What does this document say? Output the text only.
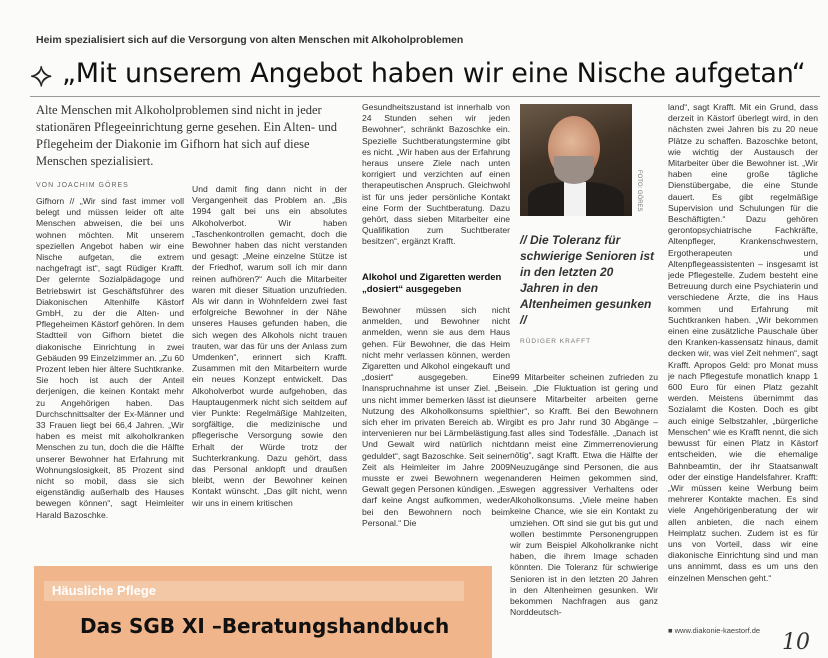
Heim spezialisiert sich auf die Versorgung von alten Menschen mit Alkoholproblemen
⟡ „Mit unserem Angebot haben wir eine Nische aufgetan“
Alte Menschen mit Alkoholproblemen sind nicht in jeder stationären Pflegeeinrichtung gerne gesehen. Ein Alten- und Pflegeheim der Diakonie im Gifhorn hat sich auf diese Menschen spezialisiert.
VON JOACHIM GÖRES
Gifhorn // „Wir sind fast immer voll belegt und müssen leider oft alte Menschen abweisen, die bei uns wohnen möchten. Mit unserem speziellen Angebot haben wir eine Nische aufgetan, die extrem nachgefragt ist“, sagt Rüdiger Krafft. Der gelernte Sozialpädagoge und Betriebswirt ist Geschäftsführer des Diakonischen Altenhilfe Kästorf GmbH, zu der die Alten- und Pflegeheimen Kästorf gehören. In dem Stadtteil von Gifhorn bietet die diakonische Einrichtung in zwei Gebäuden 99 Einzelzimmer an. „Zu 60 Prozent leben hier ältere Suchtkranke. Sie hoch ist auch der Anteil derjenigen, die keinen Kontakt mehr zu Angehörigen haben. Das Durchschnittsalter der Ex-Männer und 33 Frauen liegt bei 66,4 Jahren. „Wir haben es meist mit alkoholkranken Menschen zu tun, doch die die Hälfte unserer Bewohner hat Erfahrung mit Wohnungslosigkeit, 85 Prozent sind nicht so mobil, dass sie sich eigenständig außerhalb des Hauses bewegen können“, sagt Heimleiter Harald Bazoschke.
Und damit fing dann nicht in der Vergangenheit das Problem an. „Bis 1994 galt bei uns ein absolutes Alkoholverbot. Wir haben „Taschenkontrollen gemacht, doch die Bewohner haben das nicht verstanden und gesagt: „Meine einzelne Stütze ist der Friedhof, warum soll ich mir dann reinen aufhören?“ Auch die Mitarbeiter waren mit dieser Situation unzufrieden. Als wir dann in Wohnfeldern zwei fast erfolgreiche Bewohner in der Nähe unseres Hauses gefunden haben, die sich wegen des Alkohols nicht trauen trauten, war das für uns der Anlass zum Umdenken“, erinnert sich Krafft. Zusammen mit den Mitarbeitern wurde ein neues Konzept entwickelt. Das Alkoholverbot wurde aufgehoben, das Hauptaugenmerk nicht sich seitdem auf vier Punkte: Regelmäßige Mahlzeiten, sorgfältige, die medizinische und pflegerische Versorgung sowie den Erhalt der Würde trotz der Suchterkrankung. Dazu gehört, dass das Personal anklopft und draußen bleibt, wenn der Bewohner keinen Kontakt wünscht. „Das gilt nicht, wenn wir uns in einem kritischen
Gesundheitszustand ist innerhalb von 24 Stunden sehen wir jeden Bewohner“, schränkt Bazoschke ein. Spezielle Suchtberatungstermine gibt es nicht. „Wir haben aus der Erfahrung heraus unsere Ziele nach unten korrigiert und verzichten auf einen therapeutischen Anspruch. Gleichwohl ist für uns jeder persönliche Kontakt eine Form der Suchtberatung. Dazu gehört, dass sieben Mitarbeiter eine Qualifikation zum Suchtberater besitzen“, ergänzt Krafft.
Alkohol und Zigaretten werden „dosiert“ ausgegeben
Bewohner müssen sich nicht anmelden, und Bewohner nicht anmelden, wenn sie aus dem Haus gehen. Für Bewohner, die das Heim nicht mehr verlassen können, werden Zigaretten und Alkohol eingekauft und „dosiert“ ausgegeben. Eine Inanspruchnahme ist unser Ziel. „Bei uns nicht immer bemerken lässt ist die Nutzung des Alkoholkonsums spielt sich eher im privaten Bereich ab. Wir intervenieren nur bei Lärmbelästigung. Und Gewalt wird natürlich nicht geduldet“, sagt Bazoschke. Seit seiner Zeit als Heimleiter im Jahre 2009 musste er zwei Bewohnern wegen Gewalt gegen Personen kündigen. „Es darf keine Angst aufkommen, weder bei den Bewohnern noch beim Personal.“ Die
FOTO: GÖRES
// Die Toleranz für schwierige Senioren ist in den letzten 20 Jahren in den Altenheimen gesunken //
RÜDIGER KRAFFT
99 Mitarbeiter scheinen zufrieden zu sein. „Die Fluktuation ist gering und unsere Mitarbeiter arbeiten gerne hier“, so Krafft. Bei den Bewohnern gibt es pro Jahr rund 30 Abgänge – fast alles sind Todesfälle. „Danach ist dann meist eine Zimmerrenovierung nötig“, sagt Krafft. Etwa die Hälfte der Neuzugänge sind Personen, die aus anderen Heimen gekommen sind, wegen aggressiver Verhaltens oder Alkoholkonsums. „Viele meine haben keine Chance, wie sie ein Kontakt zu umziehen. Oft sind sie gut bis gut und wollen bestimmte Personengruppen wir zum Beispiel Alkoholkranke nicht haben, die ihrem Image schaden könnten. Die Toleranz für schwierige Senioren ist in den letzten 20 Jahren in den Altenheimen gesunken. Wir bekommen Nachfragen aus ganz Norddeutsch-
land“, sagt Krafft. Mit ein Grund, dass derzeit in Kästorf überlegt wird, in den nächsten zwei Jahren bis zu 20 neue Plätze zu schaffen. Bazoschke betont, wie wichtig der Austausch der Mitarbeiter über die Bewohner ist. „Wir haben eine große tägliche Dienstübergabe, die eine Stunde dauert. Es gibt regelmäßige Supervision und Schulungen für die Beschäftigten.“ Dazu gehören gerontopsychiatrische Fachkräfte, Altenpfleger, Krankenschwestern, Ergotherapeuten und Altenpflegeassistenten – insgesamt ist jede Pflegestelle. Zudem besteht eine Betreuung durch eine Psychiaterin und verschiedene Ärzte, die ins Haus kommen und Erfahrung mit Suchtkranken haben. „Wir bekommen einen eine zusätzliche Pauschale über den Kranken-kassensatz hinaus, damit decken wir, was viel Zeit nehmen“, sagt Krafft. Apropos Geld: pro Monat muss je nach Pflegestufe monatlich knapp 1 600 Euro für einen Platz gezahlt werden. Meistens übernimmt das Sozialamt die Kosten. Doch es gibt auch einige Selbstzahler, „bürgerliche Menschen“ wie es Krafft nennt, die sich bewusst für einen Platz in Kästorf entscheiden, wie die ehemalige Bahnbeamtin, der ihr Staatsanwalt oder der einstige Handelsfahrer. Krafft: „Wir müssen keine Werbung beim mehrerer Kontakte machen. Es sind viele Angehörigenberatung der wir allen anbieten, die nach einem Heimplatz suchen. Zudem ist es für uns von Vorteil, dass wir eine diakonische Einrichtung sind und man uns annimmt, dass es um uns den einzelnen Menschen geht.“
■ www.diakonie-kaestorf.de 10
Häusliche Pflege
Das SGB XI –Beratungshandbuch
